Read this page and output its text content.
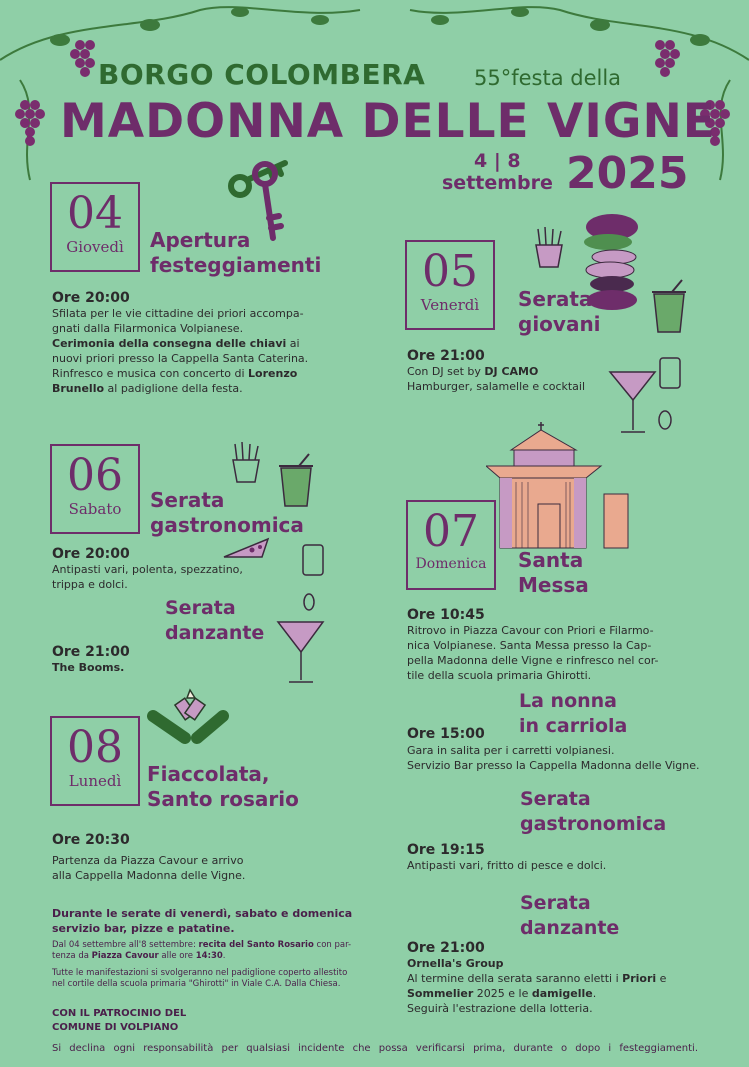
BORGO COLOMBERA 55°festa della
MADONNA DELLE VIGNE
4 | 8
settembre 2025
04
Giovedì	Apertura
festeggiamenti
Ore 20:00
Sfilata per le vie cittadine dei priori accompa-
gnati dalla Filarmonica Volpianese.
Cerimonia della consegna delle chiavi ai
nuovi priori presso la Cappella Santa Caterina.
Rinfresco e musica con concerto di Lorenzo
Brunello al padiglione della festa.
05
Venerdì	Serata
giovani
Ore 21:00
Con DJ set by DJ CAMO
Hamburger, salamelle e cocktail
06
Sabato	Serata
gastronomica
Ore 20:00
Antipasti vari, polenta, spezzatino,
trippa e dolci.
Serata
danzante
Ore 21:00
The Booms.
07
Domenica	Santa
Messa
Ore 10:45
Ritrovo in Piazza Cavour con Priori e Filarmo-
nica Volpianese. Santa Messa presso la Cap-
pella Madonna delle Vigne e rinfresco nel cor-
tile della scuola primaria Ghirotti.
La nonna
in carriola
Ore 15:00
Gara in salita per i carretti volpianesi.
Servizio Bar presso la Cappella Madonna delle Vigne.
Serata
gastronomica
Ore 19:15
Antipasti vari, fritto di pesce e dolci.
Serata
danzante
Ore 21:00
Ornella's Group
Al termine della serata saranno eletti i Priori e
Sommelier 2025 e le damigelle.
Seguirà l'estrazione della lotteria.
08
Lunedì	Fiaccolata,
Santo rosario
Ore 20:30
Partenza da Piazza Cavour e arrivo
alla Cappella Madonna delle Vigne.
Durante le serate di venerdì, sabato e domenica
servizio bar, pizze e patatine.
Dal 04 settembre all'8 settembre: recita del Santo Rosario con par-
tenza da Piazza Cavour alle ore 14:30.
Tutte le manifestazioni si svolgeranno nel padiglione coperto allestito
nel cortile della scuola primaria "Ghirotti" in Viale C.A. Dalla Chiesa.
CON IL PATROCINIO DEL
COMUNE DI VOLPIANO
Si declina ogni responsabilità per qualsiasi incidente che possa verificarsi prima, durante o dopo i festeggiamenti.
